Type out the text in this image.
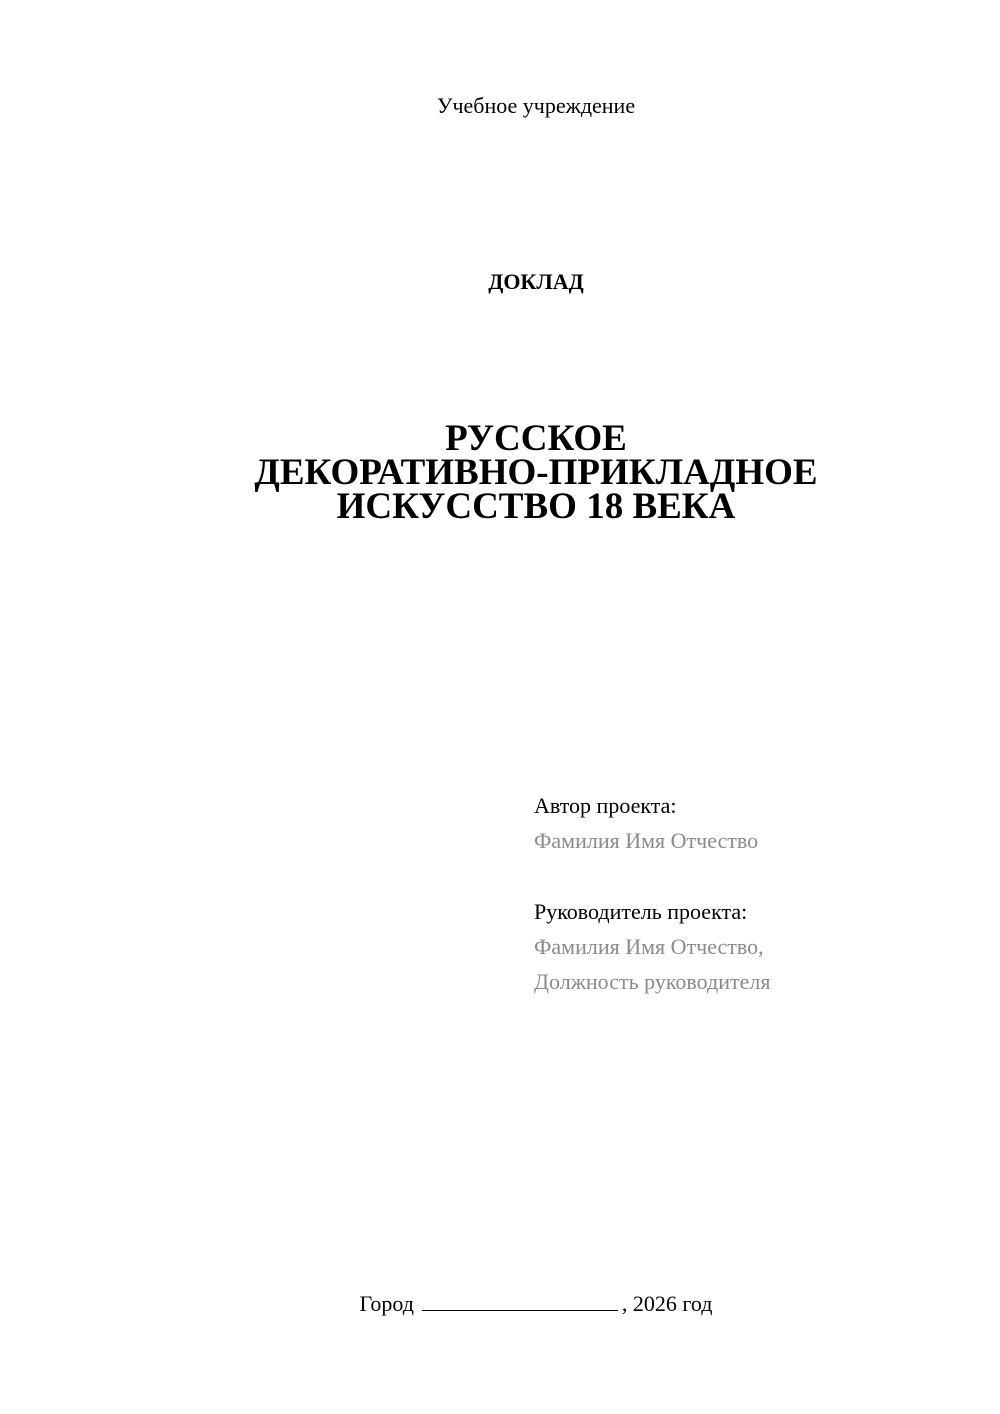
Учебное учреждение
ДОКЛАД
РУССКОЕ
ДЕКОРАТИВНО-ПРИКЛАДНОЕ
ИСКУССТВО 18 ВЕКА
Автор проекта:
Фамилия Имя Отчество
Руководитель проекта:
Фамилия Имя Отчество,
Должность руководителя
Город	, 2026 год
